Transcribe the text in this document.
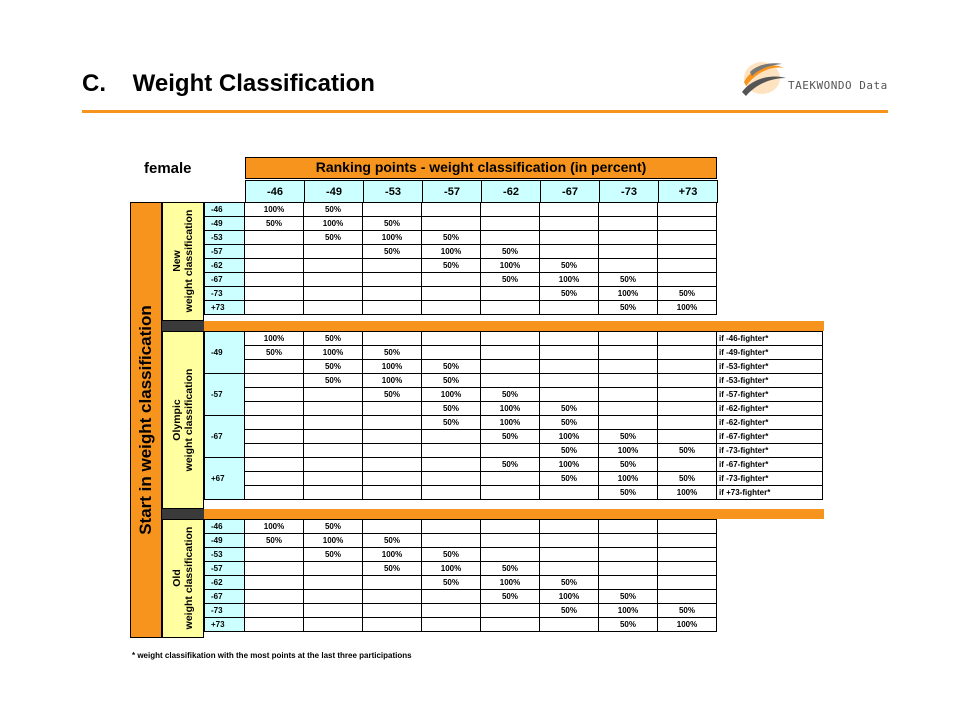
C.    Weight Classification	TAEKWONDO Data
female	Ranking points - weight classification (in percent)
-46	-49	-53	-57	-62	-67	-73	+73
Start in weight classification
New weight classification
Olympic weight classification
Old weight classification
-46	100%	50%						
-49	50%	100%	50%					
-53		50%	100%	50%				
-57			50%	100%	50%			
-62				50%	100%	50%		
-67					50%	100%	50%	
-73						50%	100%	50%
+73							50%	100%
-49	100%	50%							if -46-fighter*
	50%	100%	50%						if -49-fighter*
		50%	100%	50%					if -53-fighter*
-57		50%	100%	50%					if -53-fighter*
			50%	100%	50%				if -57-fighter*
				50%	100%	50%			if -62-fighter*
-67				50%	100%	50%			if -62-fighter*
					50%	100%	50%		if -67-fighter*
						50%	100%	50%	if -73-fighter*
+67					50%	100%	50%		if -67-fighter*
						50%	100%	50%	if -73-fighter*
							50%	100%	if +73-fighter*
-46	100%	50%						
-49	50%	100%	50%					
-53		50%	100%	50%				
-57			50%	100%	50%			
-62				50%	100%	50%		
-67					50%	100%	50%	
-73						50%	100%	50%
+73							50%	100%
* weight classifikation with the most points at the last three participations
